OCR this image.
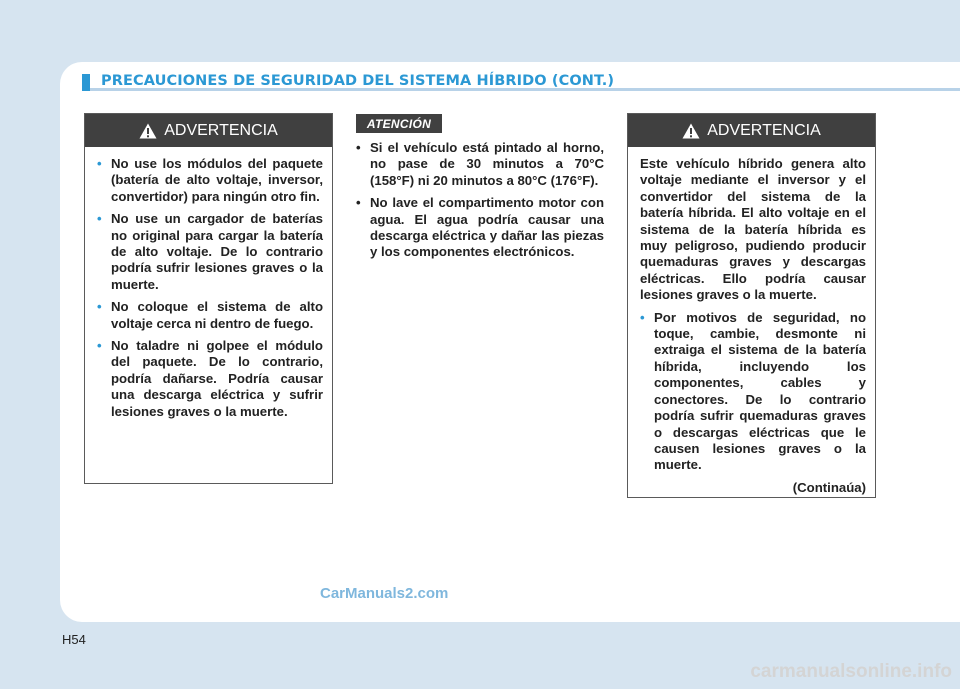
PRECAUCIONES DE SEGURIDAD DEL SISTEMA HÍBRIDO (CONT.)
ADVERTENCIA
• No use los módulos del paquete (batería de alto voltaje, inversor, convertidor) para ningún otro fin.
• No use un cargador de baterías no original para cargar la batería de alto voltaje. De lo contrario podría sufrir lesiones graves o la muerte.
• No coloque el sistema de alto voltaje cerca ni dentro de fuego.
• No taladre ni golpee el módulo del paquete. De lo contrario, podría dañarse. Podría causar una descarga eléctrica y sufrir lesiones graves o la muerte.
ATENCIÓN
• Si el vehículo está pintado al horno, no pase de 30 minutos a 70°C (158°F) ni 20 minutos a 80°C (176°F).
• No lave el compartimento motor con agua. El agua podría causar una descarga eléctrica y dañar las piezas y los componentes electrónicos.
ADVERTENCIA

Este vehículo híbrido genera alto voltaje mediante el inversor y el convertidor del sistema de la batería híbrida. El alto voltaje en el sistema de la batería híbrida es muy peligroso, pudiendo producir quemaduras graves y descargas eléctricas. Ello podría causar lesiones graves o la muerte.

• Por motivos de seguridad, no toque, cambie, desmonte ni extraiga el sistema de la batería híbrida, incluyendo los componentes, cables y conectores. De lo contrario podría sufrir quemaduras graves o descargas eléctricas que le causen lesiones graves o la muerte.

(Continaúa)

CarManuals2.com
H54
carmanualsonline.info
